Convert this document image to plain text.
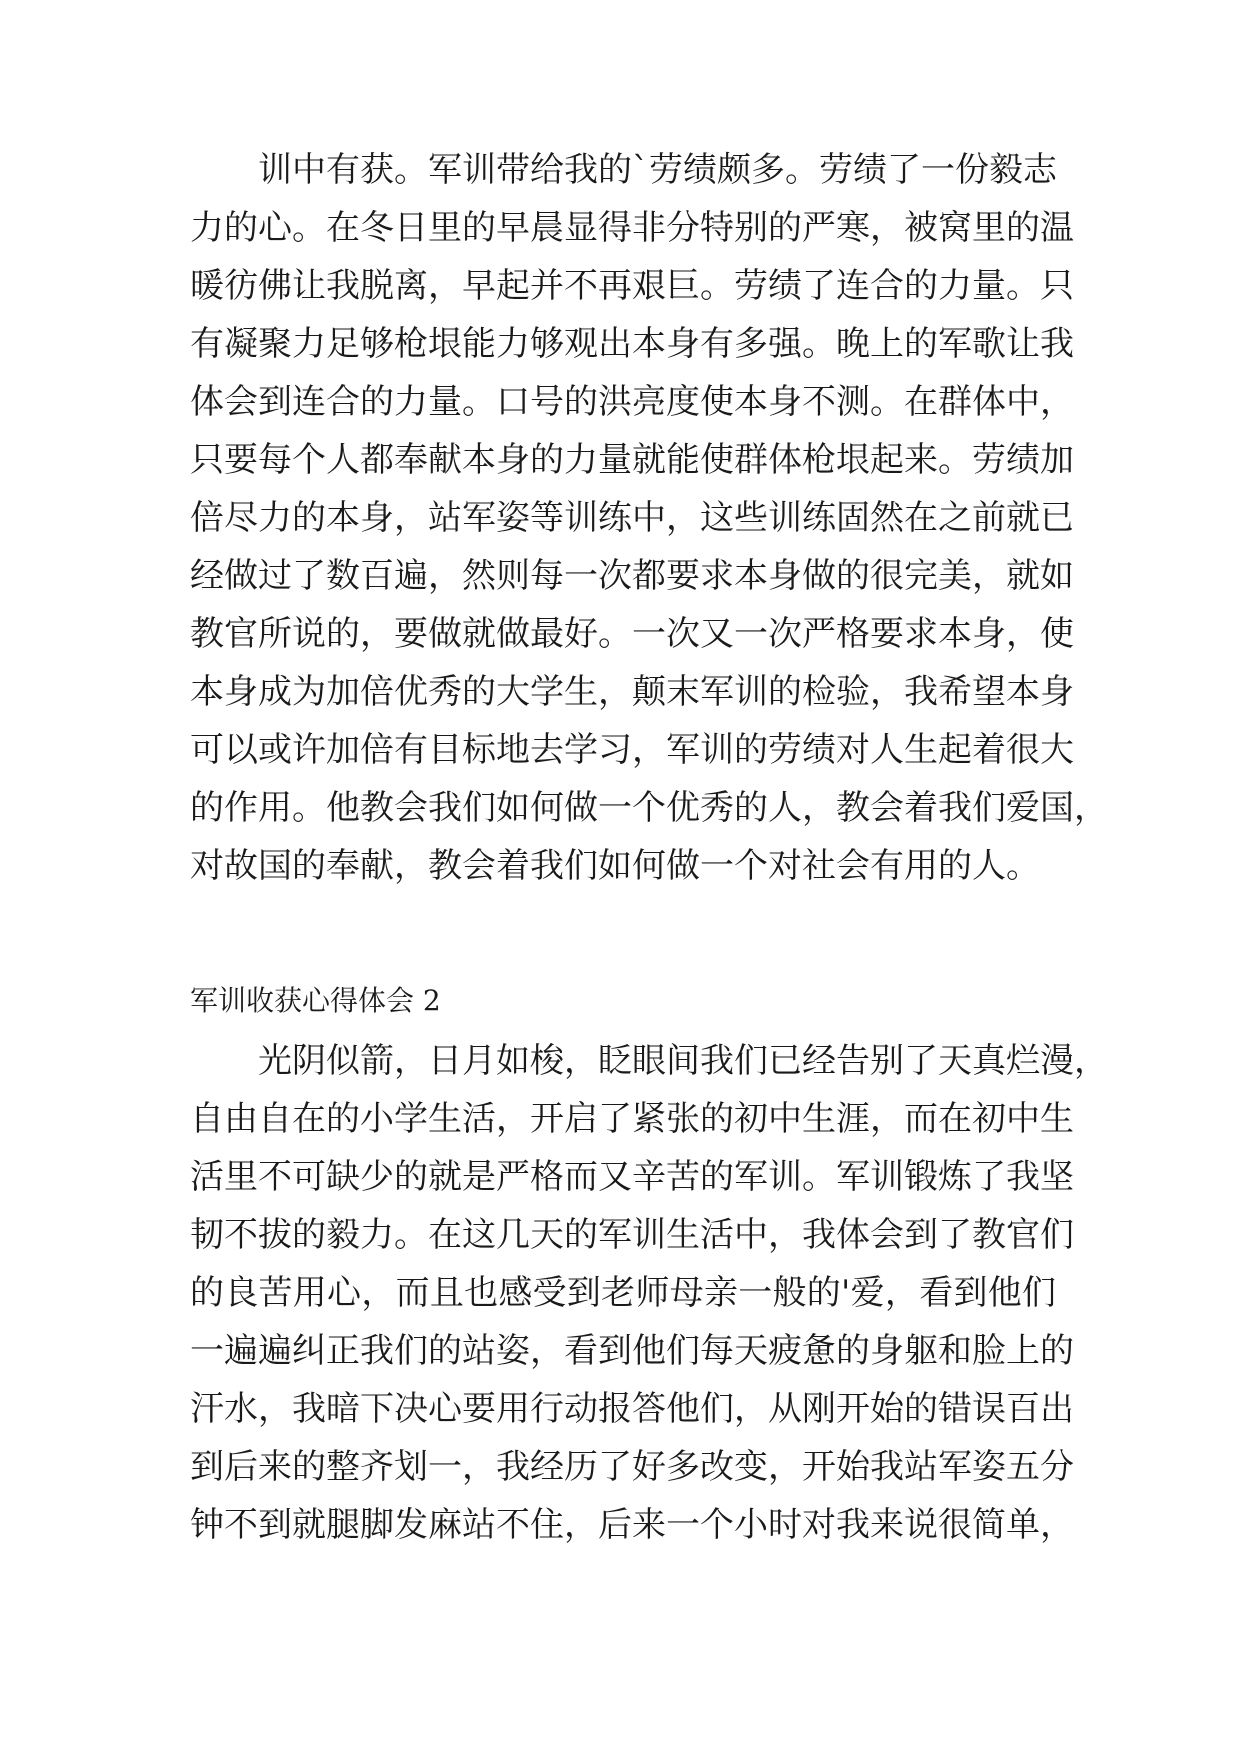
训中有获。军训带给我的`劳绩颇多。劳绩了一份毅志
力的心。在冬日里的早晨显得非分特别的严寒，被窝里的温
暖彷佛让我脱离，早起并不再艰巨。劳绩了连合的力量。只
有凝聚力足够枪垠能力够观出本身有多强。晚上的军歌让我
体会到连合的力量。口号的洪亮度使本身不测。在群体中，
只要每个人都奉献本身的力量就能使群体枪垠起来。劳绩加
倍尽力的本身，站军姿等训练中，这些训练固然在之前就已
经做过了数百遍，然则每一次都要求本身做的很完美，就如
教官所说的，要做就做最好。一次又一次严格要求本身，使
本身成为加倍优秀的大学生，颠末军训的检验，我希望本身
可以或许加倍有目标地去学习，军训的劳绩对人生起着很大
的作用。他教会我们如何做一个优秀的人，教会着我们爱国，
对故国的奉献，教会着我们如何做一个对社会有用的人。
军训收获心得体会 2
光阴似箭，日月如梭，眨眼间我们已经告别了天真烂漫，
自由自在的小学生活，开启了紧张的初中生涯，而在初中生
活里不可缺少的就是严格而又辛苦的军训。军训锻炼了我坚
韧不拔的毅力。在这几天的军训生活中，我体会到了教官们
的良苦用心，而且也感受到老师母亲一般的'爱，看到他们
一遍遍纠正我们的站姿，看到他们每天疲惫的身躯和脸上的
汗水，我暗下决心要用行动报答他们，从刚开始的错误百出
到后来的整齐划一，我经历了好多改变，开始我站军姿五分
钟不到就腿脚发麻站不住，后来一个小时对我来说很简单，
